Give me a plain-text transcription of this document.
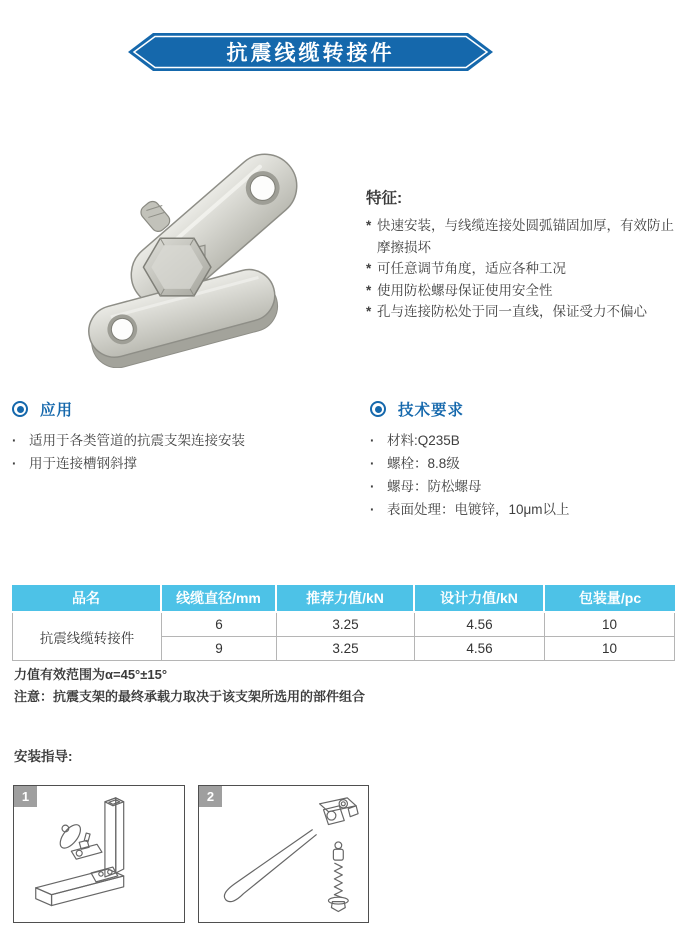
抗震线缆转接件
特征:
* 快速安装，与线缆连接处圆弧锚固加厚，有效防止摩擦损坏
* 可任意调节角度，适应各种工况
* 使用防松螺母保证使用安全性
* 孔与连接防松处于同一直线，保证受力不偏心
应用
· 适用于各类管道的抗震支架连接安装
· 用于连接槽钢斜撑
技术要求
· 材料:Q235B
· 螺栓：8.8级
· 螺母：防松螺母
· 表面处理：电镀锌，10μm以上
品名	线缆直径/mm	推荐力值/kN	设计力值/kN	包装量/pc
抗震线缆转接件	6	3.25	4.56	10
	9	3.25	4.56	10
力值有效范围为α=45°±15°
注意：抗震支架的最终承载力取决于该支架所选用的部件组合
安装指导:
1	2
